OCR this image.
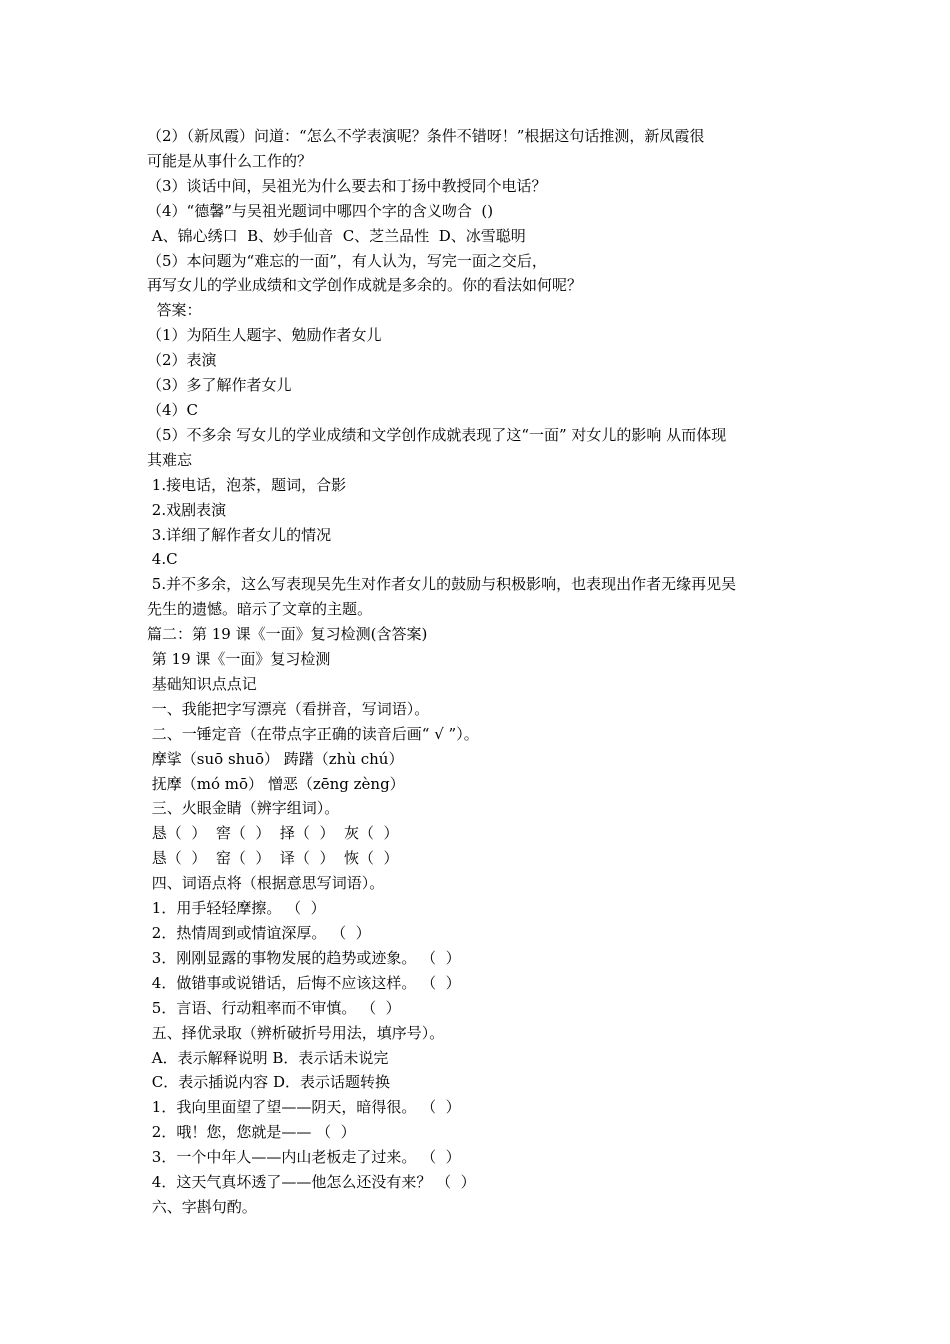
（2）（新凤霞）问道：“怎么不学表演呢？条件不错呀！”根据这句话推测，新凤霞很

可能是从事什么工作的？

（3）谈话中间，吴祖光为什么要去和丁扬中教授同个电话？

（4）“德馨”与吴祖光题词中哪四个字的含义吻合  ()

A、锦心绣口  B、妙手仙音  C、芝兰品性  D、冰雪聪明

（5）本问题为“难忘的一面”，有人认为，写完一面之交后，

再写女儿的学业成绩和文学创作成就是多余的。你的看法如何呢？

答案：

（1）为陌生人题字、勉励作者女儿

（2）表演

（3）多了解作者女儿

（4）C

（5）不多余 写女儿的学业成绩和文学创作成就表现了这“一面” 对女儿的影响 从而体现

其难忘

1.接电话，泡茶，题词，合影

2.戏剧表演

3.详细了解作者女儿的情况

4.C

5.并不多余，这么写表现吴先生对作者女儿的鼓励与积极影响，也表现出作者无缘再见吴

先生的遗憾。暗示了文章的主题。

篇二：第 19 课《一面》复习检测(含答案)

第 19 课《一面》复习检测

基础知识点点记

一、我能把字写漂亮（看拼音，写词语）。

二、一锤定音（在带点字正确的读音后画“ √ ”）。

摩挲（suō shuō） 踌躇（zhù chú）

抚摩（mó mō） 憎恶（zēng zèng）

三、火眼金睛（辨字组词）。

恳（  ）  窖（  ）  择（  ）  灰（  ）

恳（  ）  窑（  ）  译（  ）  恢（  ）

四、词语点将（根据意思写词语）。

1．用手轻轻摩擦。 （  ）

2．热情周到或情谊深厚。 （  ）

3．刚刚显露的事物发展的趋势或迹象。 （  ）

4．做错事或说错话，后悔不应该这样。 （  ）

5．言语、行动粗率而不审慎。 （  ）

五、择优录取（辨析破折号用法，填序号）。

A．表示解释说明 B．表示话未说完

C．表示插说内容 D．表示话题转换

1．我向里面望了望——阴天，暗得很。 （  ）

2．哦！您，您就是—— （  ）

3．一个中年人——内山老板走了过来。 （  ）

4．这天气真坏透了——他怎么还没有来？ （  ）

六、字斟句酌。
